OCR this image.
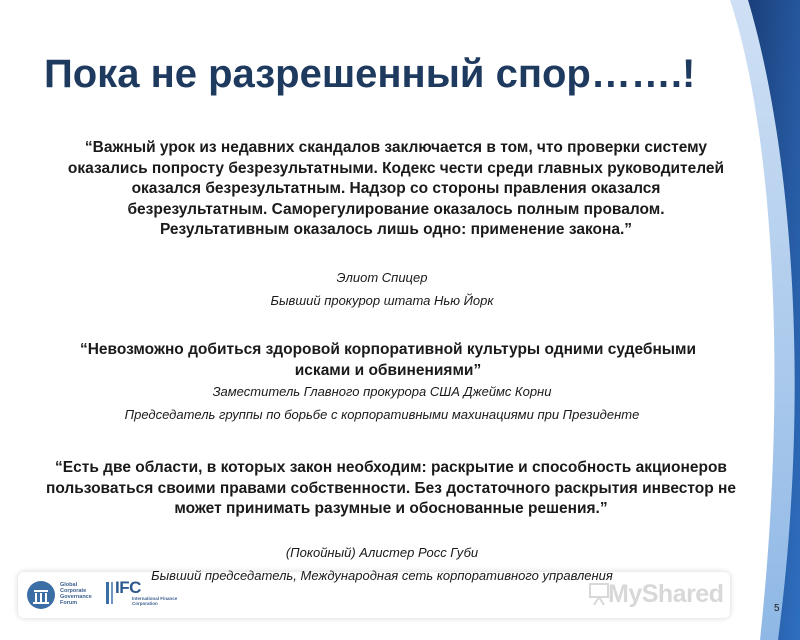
Пока не разрешенный спор…….!

“Важный урок из недавних скандалов заключается в том, что проверки систему оказались попросту безрезультатными. Кодекс чести среди главных руководителей оказался безрезультатным. Надзор со стороны правления оказался безрезультатным. Саморегулирование оказалось полным провалом. Результативным оказалось лишь одно: применение закона.”

Элиот Спицер

Бывший прокурор штата Нью Йорк

“Невозможно добиться здоровой корпоративной культуры одними судебными исками и обвинениями”

Заместитель Главного прокурора США Джеймс Корни

Председатель группы по борьбе с корпоративными махинациями при Президенте

“Есть две области, в которых закон необходим: раскрытие и способность акционеров пользоваться своими правами собственности. Без достаточного раскрытия инвестор не может принимать разумные и обоснованные решения.”

(Покойный) Алистер Росс Губи

Бывший председатель, Международная сеть корпоративного управления

Global Corporate Governance Forum
IFC
International Finance Corporation	MyShared
5
